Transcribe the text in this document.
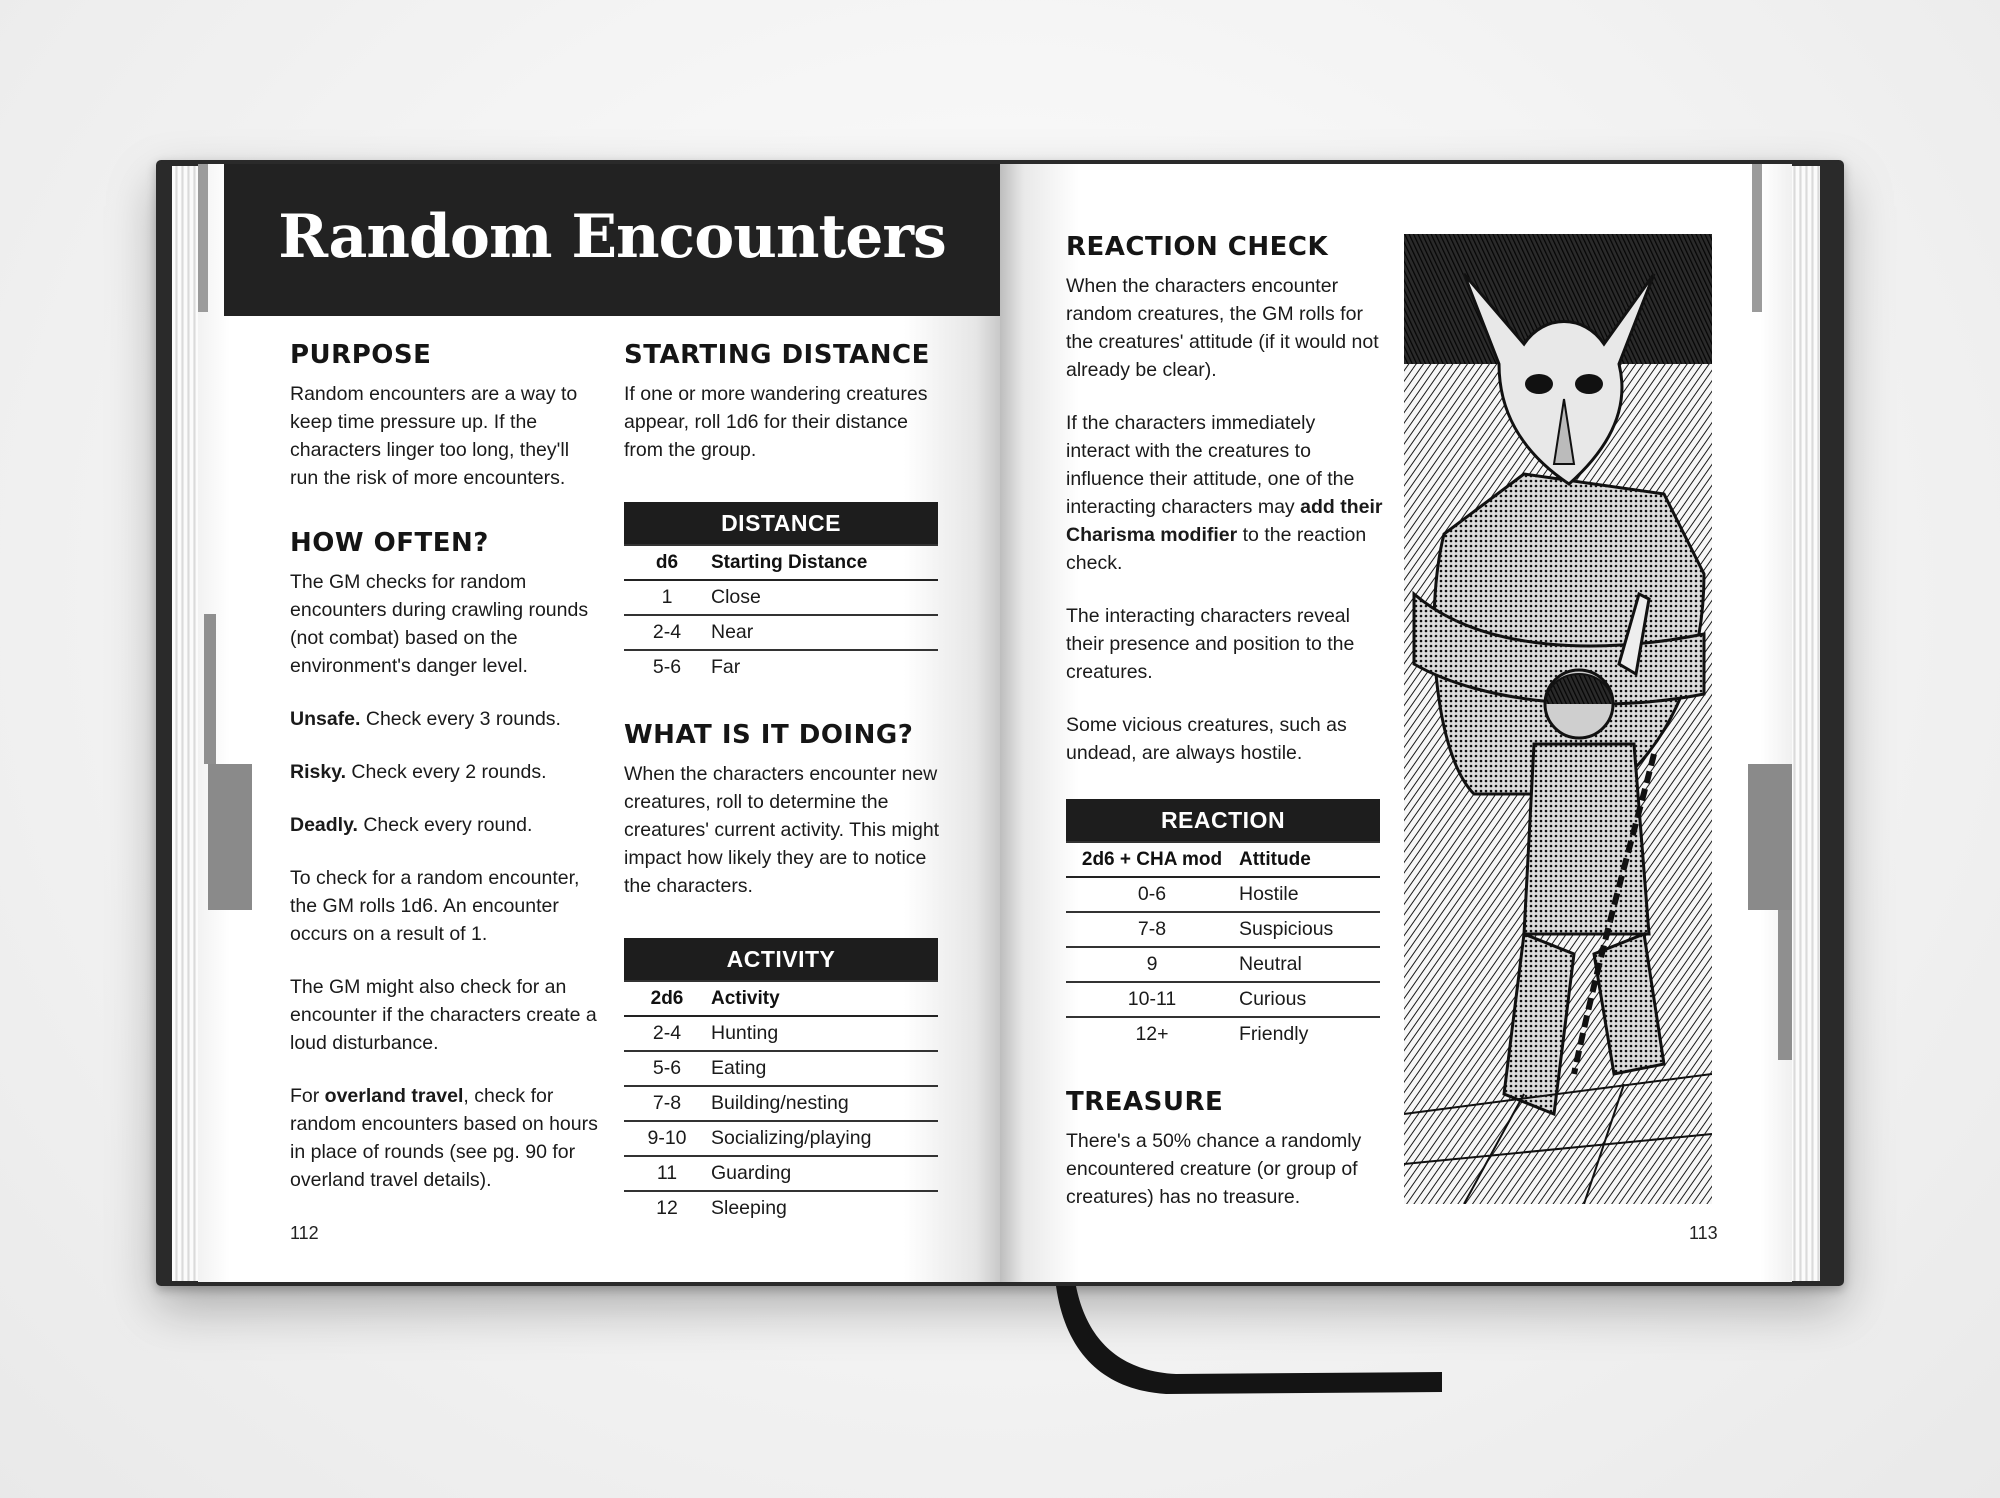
Random Encounters
PURPOSE

Random encounters are a way to keep time pressure up. If the characters linger too long, they'll run the risk of more encounters.

HOW OFTEN?

The GM checks for random encounters during crawling rounds (not combat) based on the environment's danger level.

Unsafe. Check every 3 rounds.

Risky. Check every 2 rounds.

Deadly. Check every round.

To check for a random encounter, the GM rolls 1d6. An encounter occurs on a result of 1.

The GM might also check for an encounter if the characters create a loud disturbance.

For overland travel, check for random encounters based on hours in place of rounds (see pg. 90 for overland travel details).

STARTING DISTANCE

If one or more wandering creatures appear, roll 1d6 for their distance from the group.

DISTANCE	
d6	Starting Distance
1	Close
2-4	Near
5-6	Far
WHAT IS IT DOING?

When the characters encounter new creatures, roll to determine the creatures' current activity. This might impact how likely they are to notice the characters.

ACTIVITY	
2d6	Activity
2-4	Hunting
5-6	Eating
7-8	Building/nesting
9-10	Socializing/playing
11	Guarding
12	Sleeping
112
REACTION CHECK

When the characters encounter random creatures, the GM rolls for the creatures' attitude (if it would not already be clear).

If the characters immediately interact with the creatures to influence their attitude, one of the interacting characters may add their Charisma modifier to the reaction check.

The interacting characters reveal their presence and position to the creatures.

Some vicious creatures, such as undead, are always hostile.

REACTION	
2d6 + CHA mod	Attitude
0-6	Hostile
7-8	Suspicious
9	Neutral
10-11	Curious
12+	Friendly
TREASURE

There's a 50% chance a randomly encountered creature (or group of creatures) has no treasure.

113
